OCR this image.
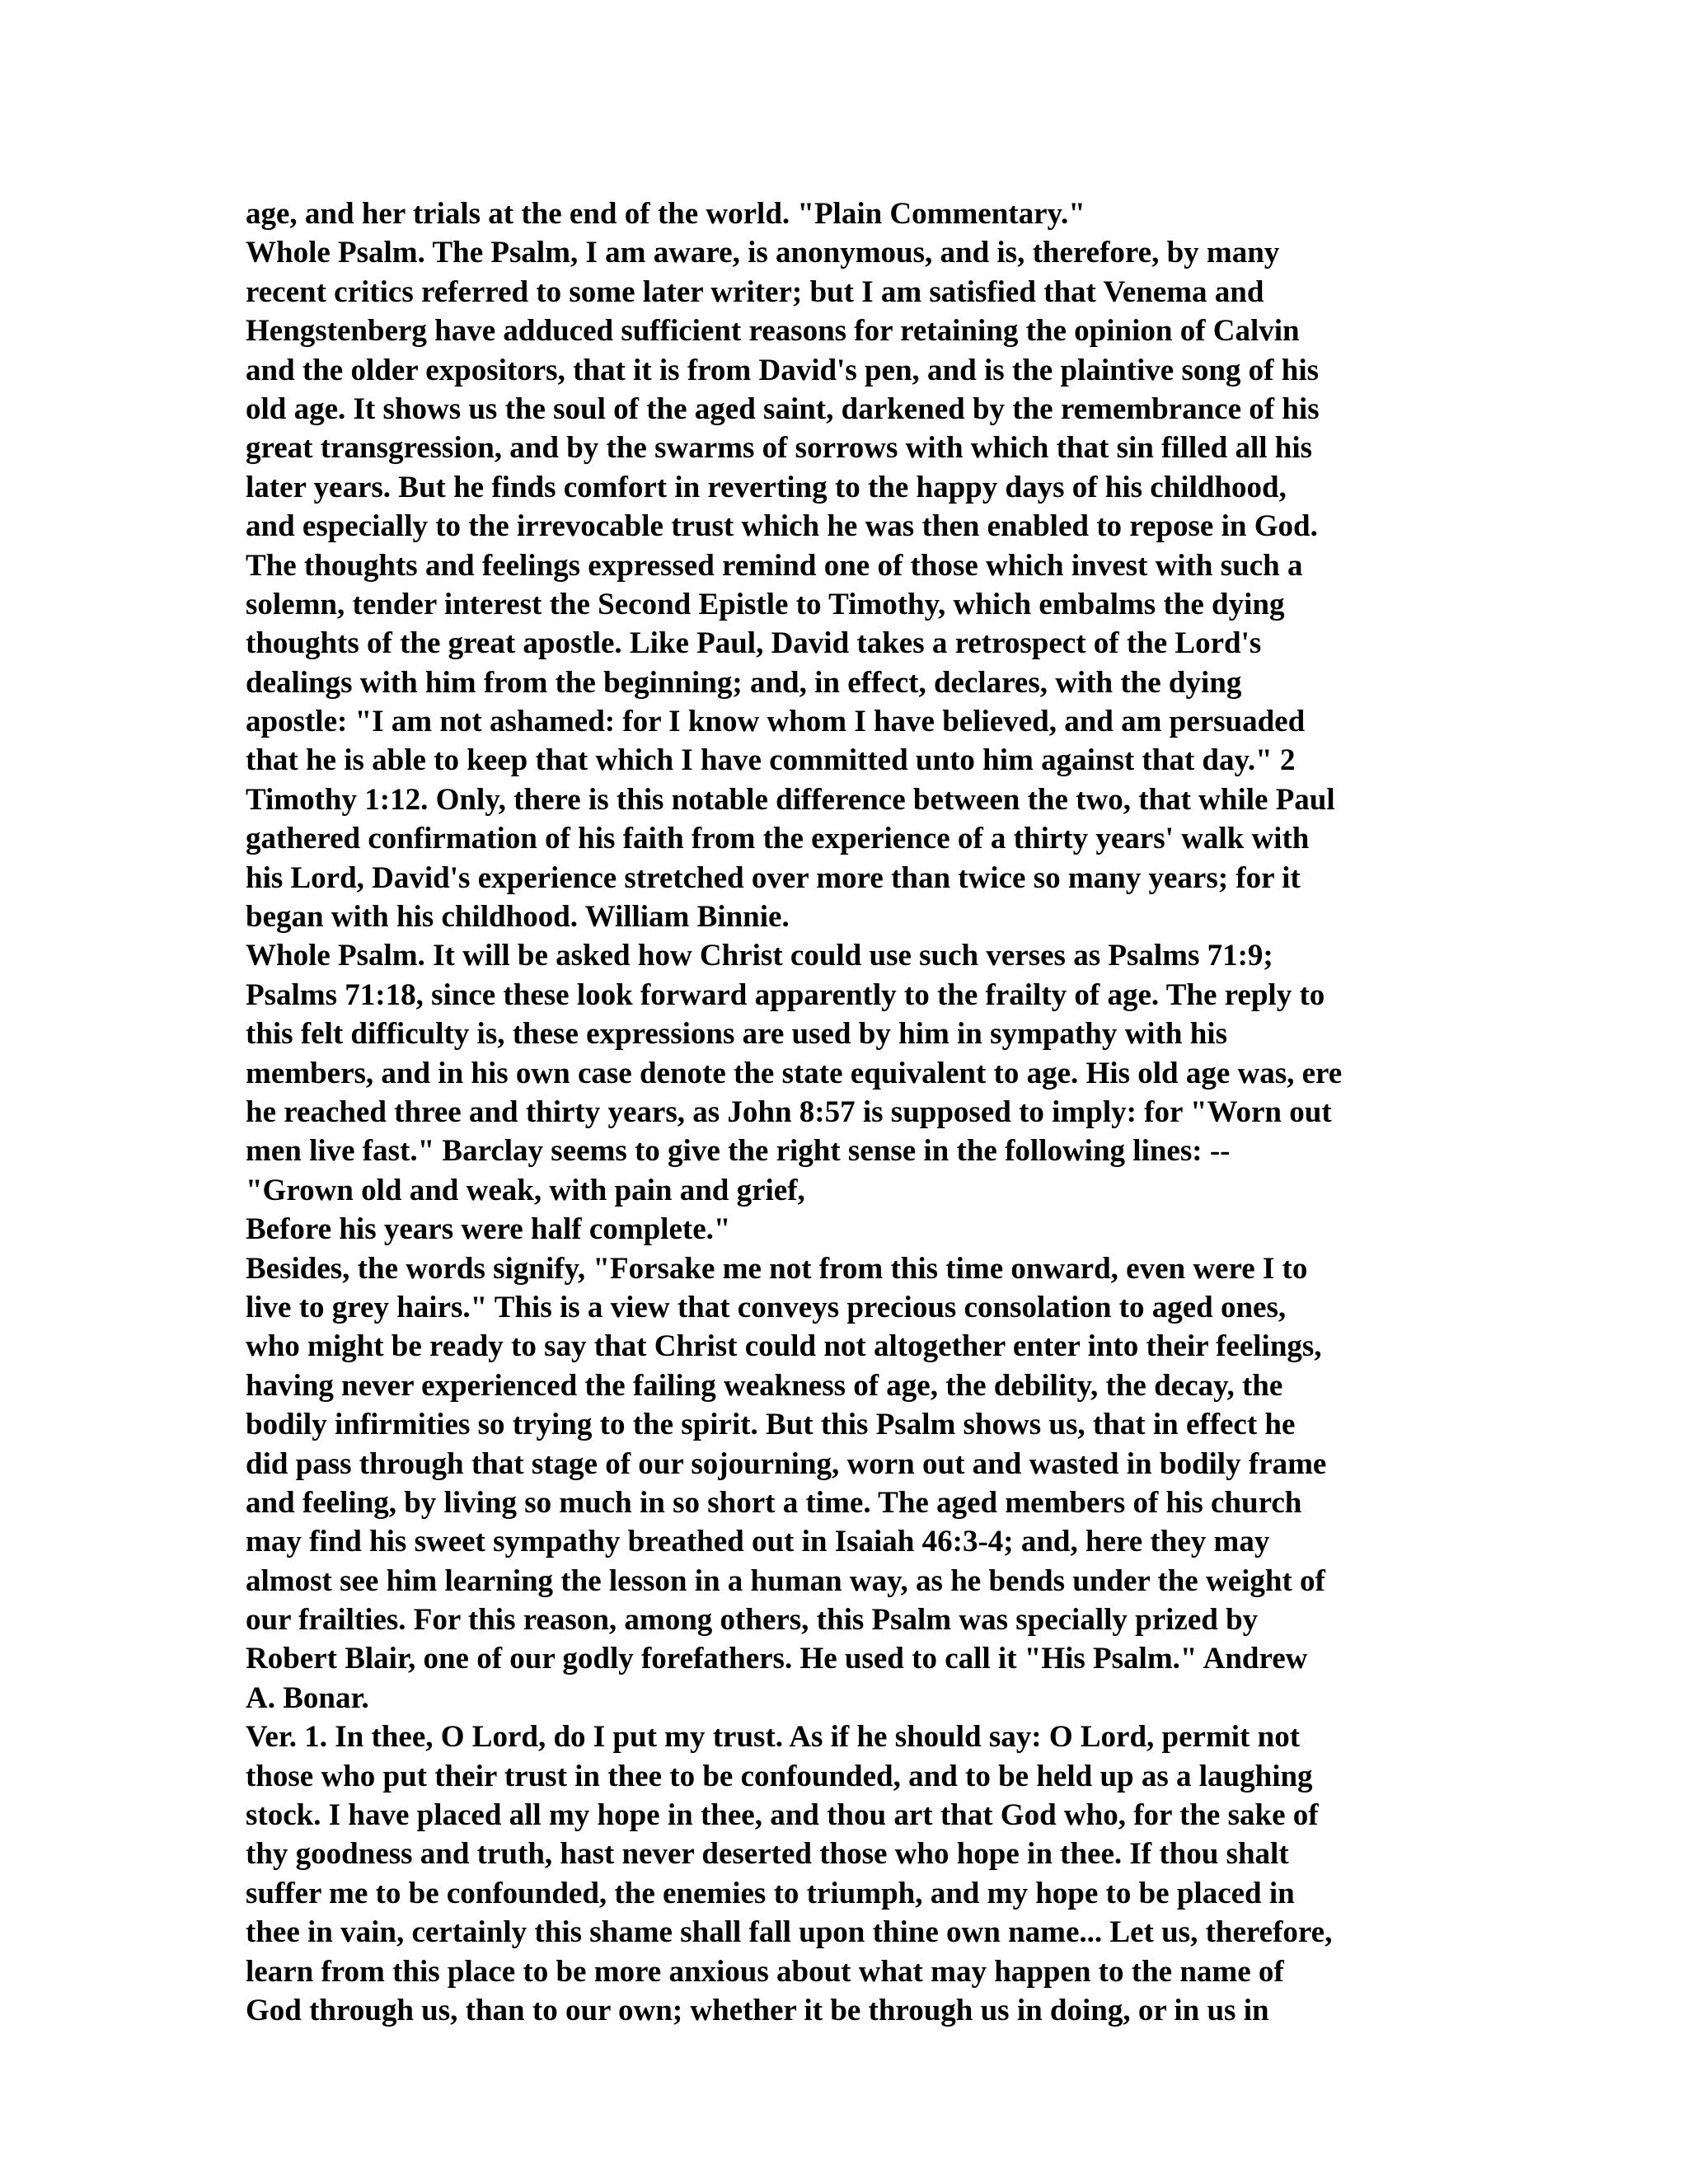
age, and her trials at the end of the world. "Plain Commentary."
Whole Psalm. The Psalm, I am aware, is anonymous, and is, therefore, by many
recent critics referred to some later writer; but I am satisfied that Venema and
Hengstenberg have adduced sufficient reasons for retaining the opinion of Calvin
and the older expositors, that it is from David's pen, and is the plaintive song of his
old age. It shows us the soul of the aged saint, darkened by the remembrance of his
great transgression, and by the swarms of sorrows with which that sin filled all his
later years. But he finds comfort in reverting to the happy days of his childhood,
and especially to the irrevocable trust which he was then enabled to repose in God.
The thoughts and feelings expressed remind one of those which invest with such a
solemn, tender interest the Second Epistle to Timothy, which embalms the dying
thoughts of the great apostle. Like Paul, David takes a retrospect of the Lord's
dealings with him from the beginning; and, in effect, declares, with the dying
apostle: "I am not ashamed: for I know whom I have believed, and am persuaded
that he is able to keep that which I have committed unto him against that day." 2
Timothy 1:12. Only, there is this notable difference between the two, that while Paul
gathered confirmation of his faith from the experience of a thirty years' walk with
his Lord, David's experience stretched over more than twice so many years; for it
began with his childhood. William Binnie.
Whole Psalm. It will be asked how Christ could use such verses as Psalms 71:9;
Psalms 71:18, since these look forward apparently to the frailty of age. The reply to
this felt difficulty is, these expressions are used by him in sympathy with his
members, and in his own case denote the state equivalent to age. His old age was, ere
he reached three and thirty years, as John 8:57 is supposed to imply: for "Worn out
men live fast." Barclay seems to give the right sense in the following lines: --
"Grown old and weak, with pain and grief,
Before his years were half complete."
Besides, the words signify, "Forsake me not from this time onward, even were I to
live to grey hairs." This is a view that conveys precious consolation to aged ones,
who might be ready to say that Christ could not altogether enter into their feelings,
having never experienced the failing weakness of age, the debility, the decay, the
bodily infirmities so trying to the spirit. But this Psalm shows us, that in effect he
did pass through that stage of our sojourning, worn out and wasted in bodily frame
and feeling, by living so much in so short a time. The aged members of his church
may find his sweet sympathy breathed out in Isaiah 46:3-4; and, here they may
almost see him learning the lesson in a human way, as he bends under the weight of
our frailties. For this reason, among others, this Psalm was specially prized by
Robert Blair, one of our godly forefathers. He used to call it "His Psalm." Andrew
A. Bonar.
Ver. 1. In thee, O Lord, do I put my trust. As if he should say: O Lord, permit not
those who put their trust in thee to be confounded, and to be held up as a laughing
stock. I have placed all my hope in thee, and thou art that God who, for the sake of
thy goodness and truth, hast never deserted those who hope in thee. If thou shalt
suffer me to be confounded, the enemies to triumph, and my hope to be placed in
thee in vain, certainly this shame shall fall upon thine own name... Let us, therefore,
learn from this place to be more anxious about what may happen to the name of
God through us, than to our own; whether it be through us in doing, or in us in
